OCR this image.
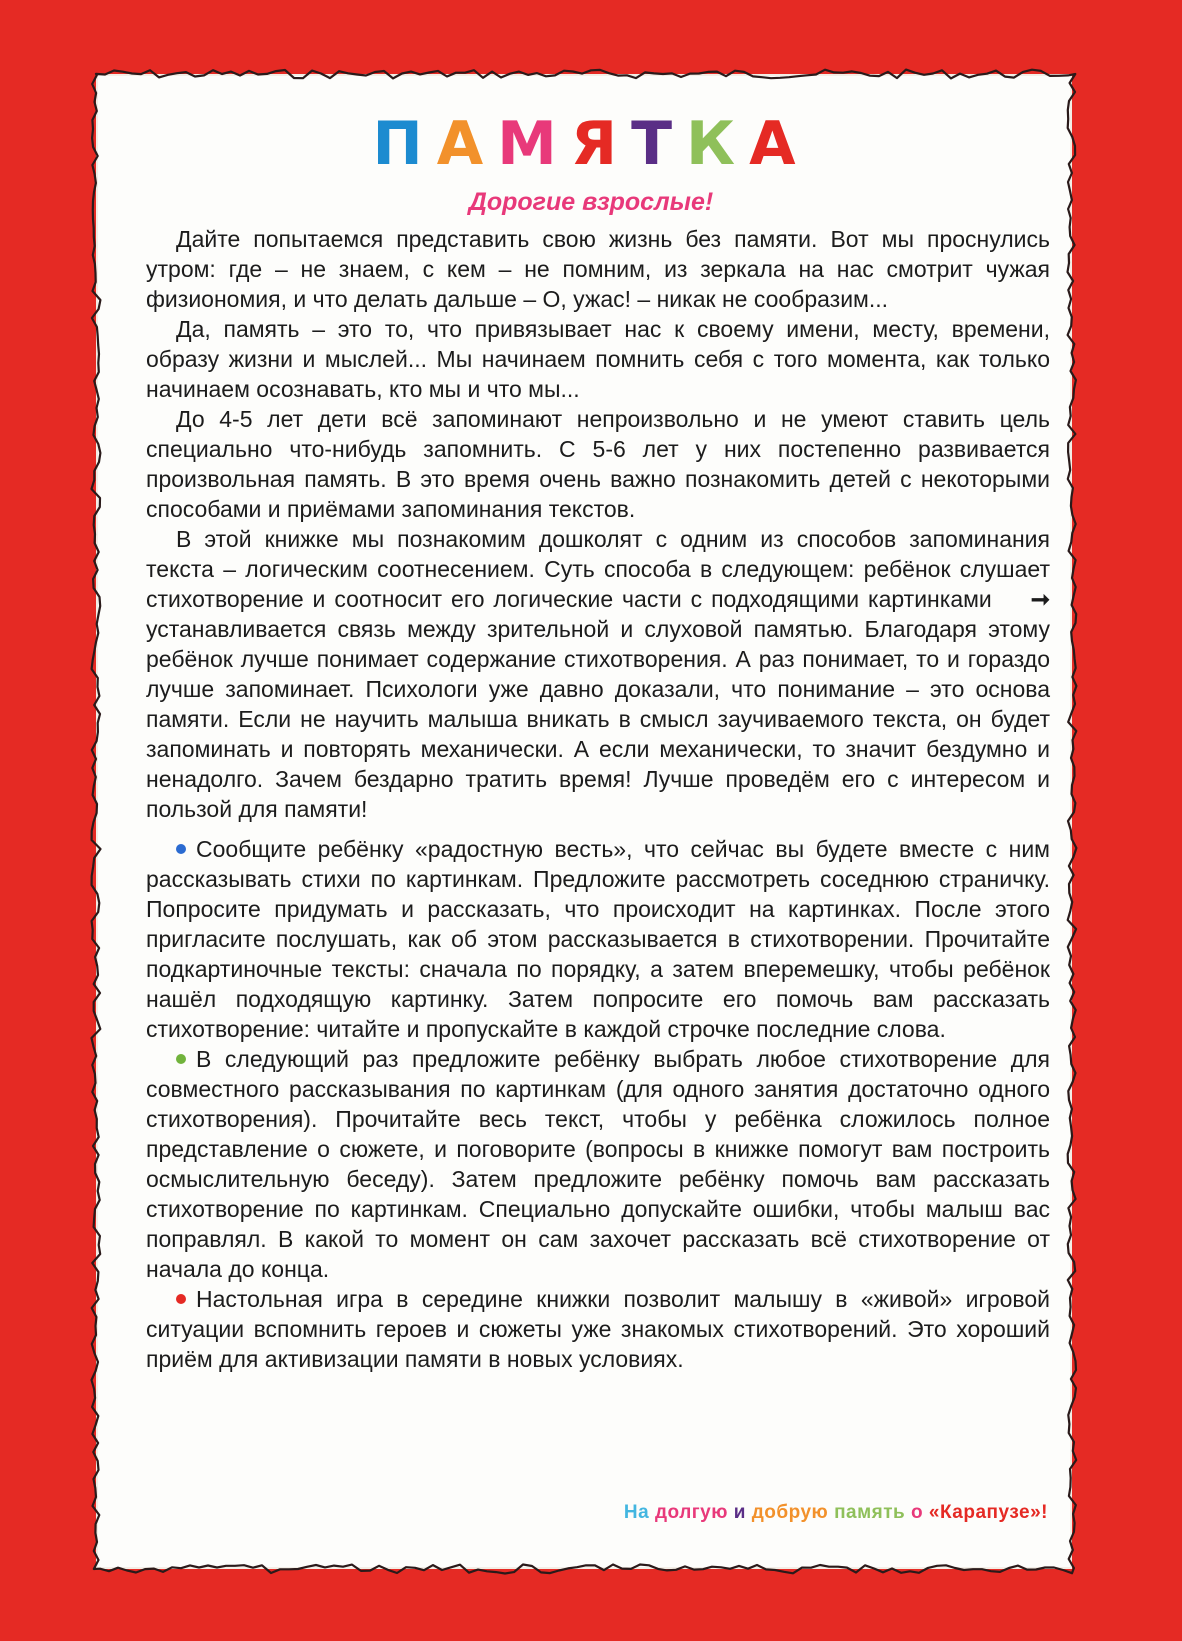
ПАМЯТКА
Дорогие взрослые!

Дайте попытаемся представить свою жизнь без памяти. Вот мы проснулись утром: где – не знаем, с кем – не помним, из зеркала на нас смотрит чужая физиономия, и что делать дальше – О, ужас! – никак не сообразим...

Да, память – это то, что привязывает нас к своему имени, месту, времени, образу жизни и мыслей... Мы начинаем помнить себя с того момента, как только начинаем осознавать, кто мы и что мы...

До 4-5 лет дети всё запоминают непроизвольно и не умеют ставить цель специально что-нибудь запомнить. С 5-6 лет у них постепенно развивается произвольная память. В это время очень важно познакомить детей с некоторыми способами и приёмами запоминания текстов.

В этой книжке мы познакомим дошколят с одним из способов запоминания текста – логическим соотнесением. Суть способа в следующем: ребёнок слушает стихотворение и соотносит его логические части с подходящими картинками ➞ устанавливается связь между зрительной и слуховой памятью. Благодаря этому ребёнок лучше понимает содержание стихотворения. А раз понимает, то и гораздо лучше запоминает. Психологи уже давно доказали, что понимание – это основа памяти. Если не научить малыша вникать в смысл заучиваемого текста, он будет запоминать и повторять механически. А если механически, то значит бездумно и ненадолго. Зачем бездарно тратить время! Лучше проведём его с интересом и пользой для памяти!

Сообщите ребёнку «радостную весть», что сейчас вы будете вместе с ним рассказывать стихи по картинкам. Предложите рассмотреть соседнюю страничку. Попросите придумать и рассказать, что происходит на картинках. После этого пригласите послушать, как об этом рассказывается в стихотворении. Прочитайте подкартиночные тексты: сначала по порядку, а затем вперемешку, чтобы ребёнок нашёл подходящую картинку. Затем попросите его помочь вам рассказать стихотворение: читайте и пропускайте в каждой строчке последние слова.

В следующий раз предложите ребёнку выбрать любое стихотворение для совместного рассказывания по картинкам (для одного занятия достаточно одного стихотворения). Прочитайте весь текст, чтобы у ребёнка сложилось полное представление о сюжете, и поговорите (вопросы в книжке помогут вам построить осмыслительную беседу). Затем предложите ребёнку помочь вам рассказать стихотворение по картинкам. Специально допускайте ошибки, чтобы малыш вас поправлял. В какой то момент он сам захочет рассказать всё стихотворение от начала до конца.

Настольная игра в середине книжки позволит малышу в «живой» игровой ситуации вспомнить героев и сюжеты уже знакомых стихотворений. Это хороший приём для активизации памяти в новых условиях.

На долгую и добрую память о «Карапузе»!
